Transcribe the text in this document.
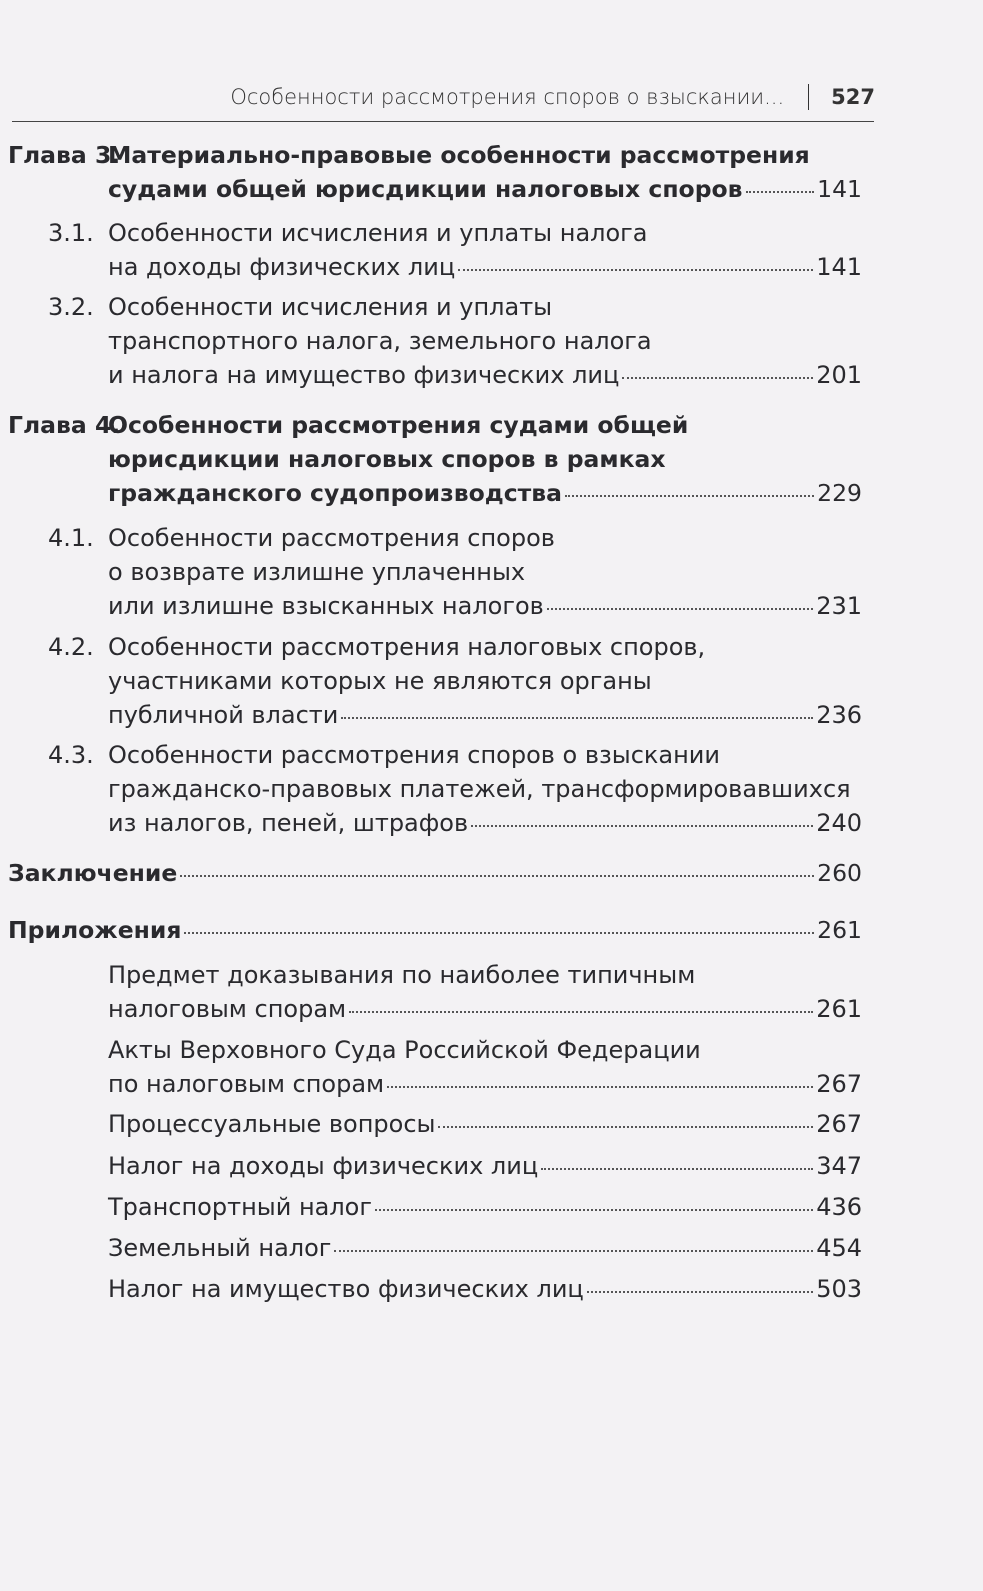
Особенности рассмотрения споров о взыскании... 527
Глава 3.
Материально-правовые особенности рассмотрения
судами общей юрисдикции налоговых споров	141
3.1. Особенности исчисления и уплаты налога
на доходы физических лиц	141
3.2. Особенности исчисления и уплаты
транспортного налога, земельного налога
и налога на имущество физических лиц	201
Глава 4.
Особенности рассмотрения судами общей
юрисдикции налоговых споров в рамках
гражданского судопроизводства	229
4.1. Особенности рассмотрения споров
о возврате излишне уплаченных
или излишне взысканных налогов	231
4.2. Особенности рассмотрения налоговых споров,
участниками которых не являются органы
публичной власти	236
4.3. Особенности рассмотрения споров о взыскании
гражданско-правовых платежей, трансформировавшихся
из налогов, пеней, штрафов	240
Заключение	260
Приложения	261
Предмет доказывания по наиболее типичным
налоговым спорам	261
Акты Верховного Суда Российской Федерации
по налоговым спорам	267
Процессуальные вопросы	267
Налог на доходы физических лиц	347
Транспортный налог	436
Земельный налог	454
Налог на имущество физических лиц	503
